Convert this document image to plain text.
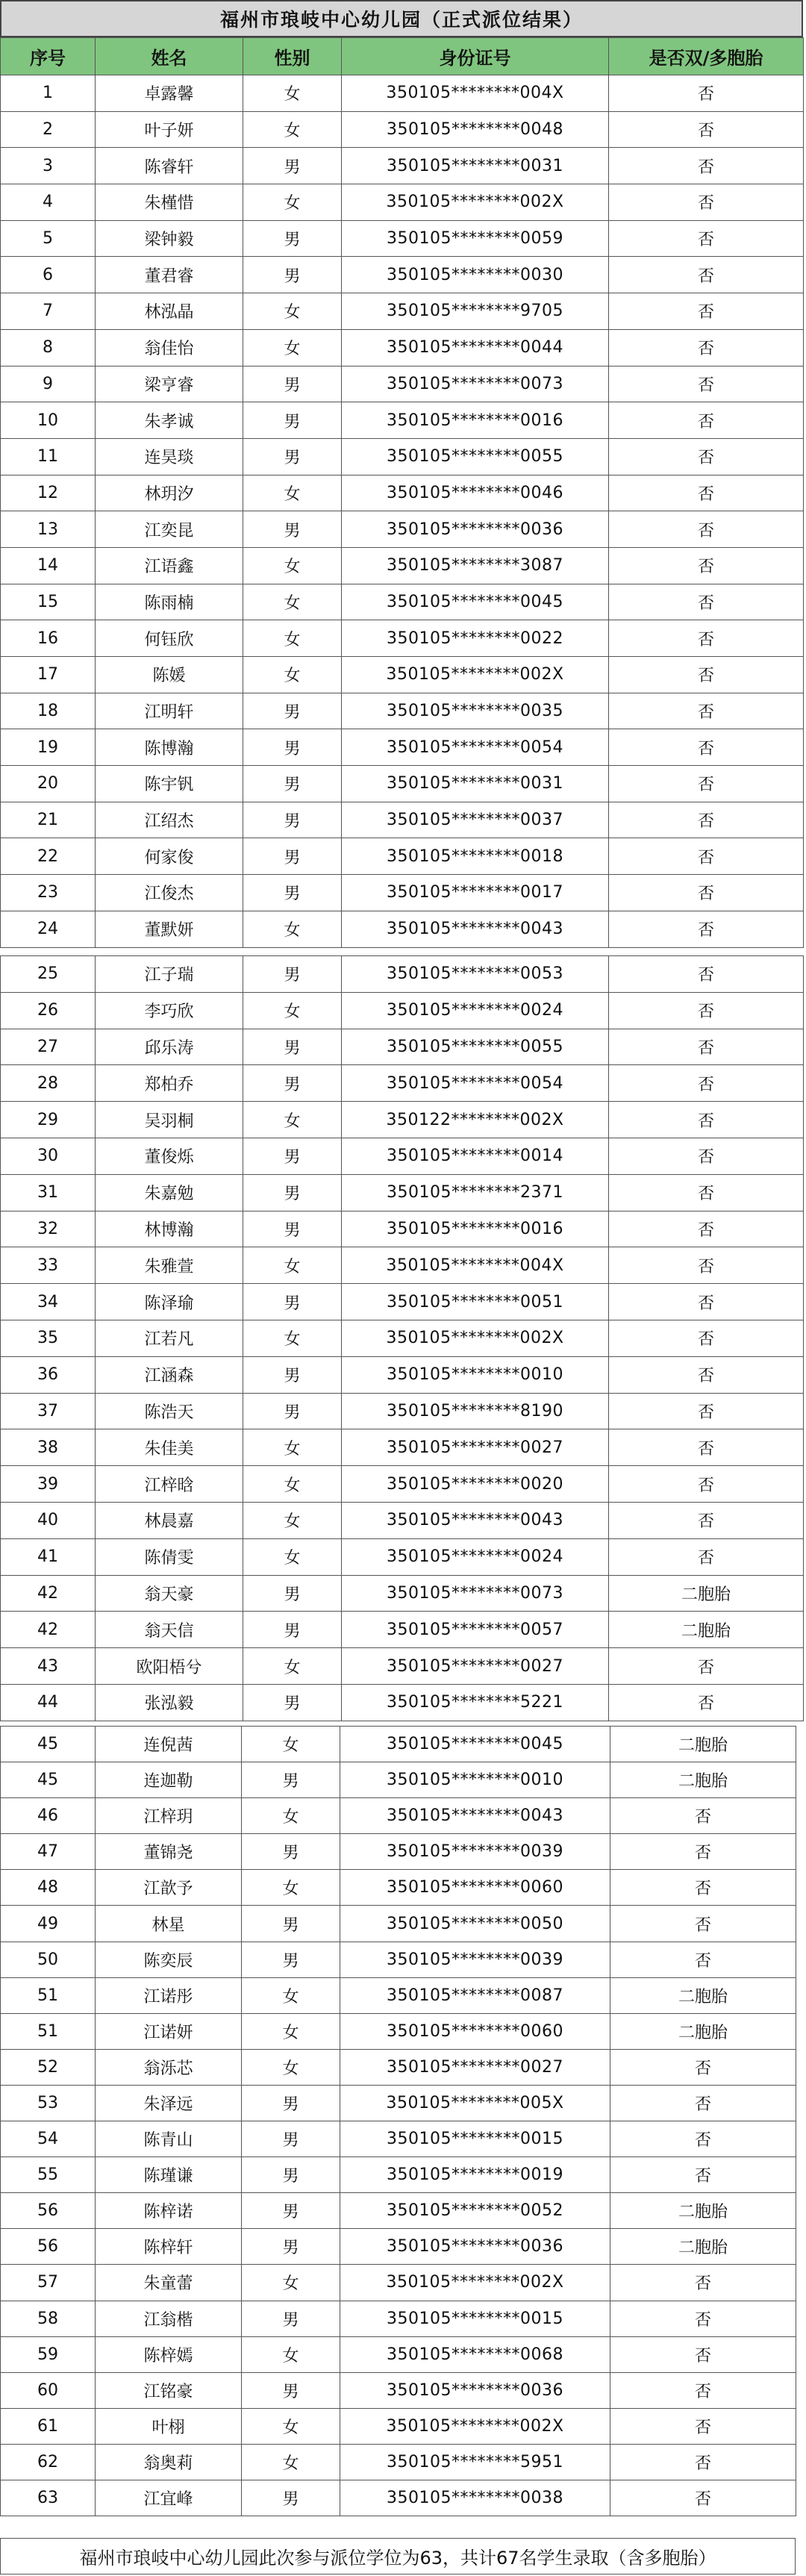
福州市琅岐中心幼儿园（正式派位结果）
序号	姓名	性别	身份证号	是否双/多胞胎
1	卓露馨	女	350105********004X	否
2	叶子妍	女	350105********0048	否
3	陈睿轩	男	350105********0031	否
4	朱槿惜	女	350105********002X	否
5	梁钟毅	男	350105********0059	否
6	董君睿	男	350105********0030	否
7	林泓晶	女	350105********9705	否
8	翁佳怡	女	350105********0044	否
9	梁亨睿	男	350105********0073	否
10	朱孝诚	男	350105********0016	否
11	连昊琰	男	350105********0055	否
12	林玥汐	女	350105********0046	否
13	江奕昆	男	350105********0036	否
14	江语鑫	女	350105********3087	否
15	陈雨楠	女	350105********0045	否
16	何钰欣	女	350105********0022	否
17	陈媛	女	350105********002X	否
18	江明轩	男	350105********0035	否
19	陈博瀚	男	350105********0054	否
20	陈宇钒	男	350105********0031	否
21	江绍杰	男	350105********0037	否
22	何家俊	男	350105********0018	否
23	江俊杰	男	350105********0017	否
24	董默妍	女	350105********0043	否
25	江子瑞	男	350105********0053	否
26	李巧欣	女	350105********0024	否
27	邱乐涛	男	350105********0055	否
28	郑柏乔	男	350105********0054	否
29	吴羽桐	女	350122********002X	否
30	董俊烁	男	350105********0014	否
31	朱嘉勉	男	350105********2371	否
32	林博瀚	男	350105********0016	否
33	朱雅萱	女	350105********004X	否
34	陈泽瑜	男	350105********0051	否
35	江若凡	女	350105********002X	否
36	江涵森	男	350105********0010	否
37	陈浩天	男	350105********8190	否
38	朱佳美	女	350105********0027	否
39	江梓晗	女	350105********0020	否
40	林晨嘉	女	350105********0043	否
41	陈倩雯	女	350105********0024	否
42	翁天豪	男	350105********0073	二胞胎
42	翁天信	男	350105********0057	二胞胎
43	欧阳梧兮	女	350105********0027	否
44	张泓毅	男	350105********5221	否
45	连倪茜	女	350105********0045	二胞胎
45	连迦勒	男	350105********0010	二胞胎
46	江梓玥	女	350105********0043	否
47	董锦尧	男	350105********0039	否
48	江歆予	女	350105********0060	否
49	林星	男	350105********0050	否
50	陈奕辰	男	350105********0039	否
51	江诺彤	女	350105********0087	二胞胎
51	江诺妍	女	350105********0060	二胞胎
52	翁泺芯	女	350105********0027	否
53	朱泽远	男	350105********005X	否
54	陈青山	男	350105********0015	否
55	陈瑾谦	男	350105********0019	否
56	陈梓诺	男	350105********0052	二胞胎
56	陈梓轩	男	350105********0036	二胞胎
57	朱童蕾	女	350105********002X	否
58	江翁楷	男	350105********0015	否
59	陈梓嫣	女	350105********0068	否
60	江铭豪	男	350105********0036	否
61	叶栩	女	350105********002X	否
62	翁奥莉	女	350105********5951	否
63	江宜峰	男	350105********0038	否
福州市琅岐中心幼儿园此次参与派位学位为63，共计67名学生录取（含多胞胎）
